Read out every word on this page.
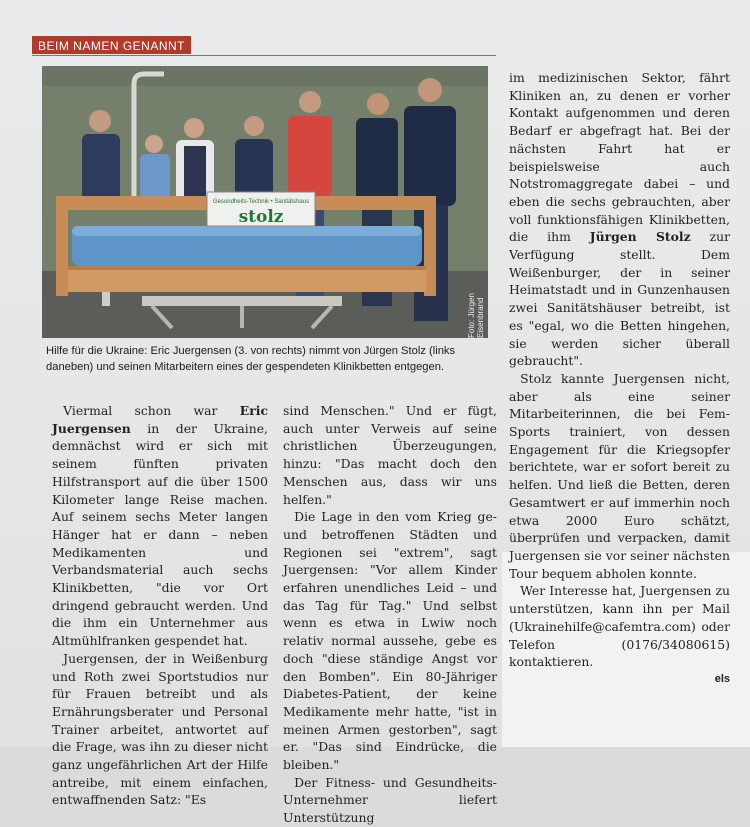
BEIM NAMEN GENANNT
Gesundheits-Technik • Sanitätshaus
stolz
Foto: Jürgen Eisenbrand
Hilfe für die Ukraine: Eric Juergensen (3. von rechts) nimmt von Jürgen Stolz (links daneben) und seinen Mitarbeitern eines der gespendeten Klinikbetten entgegen.

Viermal schon war Eric Juergensen in der Ukraine, demnächst wird er sich mit seinem fünften privaten Hilfstransport auf die über 1500 Kilometer lange Reise machen. Auf seinem sechs Meter langen Hänger hat er dann – neben Medikamenten und Verbandsmaterial auch sechs Klinikbetten, "die vor Ort dringend gebraucht werden. Und die ihm ein Unternehmer aus Altmühlfranken gespendet hat.

Juergensen, der in Weißenburg und Roth zwei Sportstudios nur für Frauen betreibt und als Ernährungsberater und Personal Trainer arbeitet, antwortet auf die Frage, was ihn zu dieser nicht ganz ungefährlichen Art der Hilfe antreibe, mit einem einfachen, entwaffnenden Satz: "Es

sind Menschen." Und er fügt, auch unter Verweis auf seine christlichen Überzeugungen, hinzu: "Das macht doch den Menschen aus, dass wir uns helfen."

Die Lage in den vom Krieg ge- und betroffenen Städten und Regionen sei "extrem", sagt Juergensen: "Vor allem Kinder erfahren unendliches Leid – und das Tag für Tag." Und selbst wenn es etwa in Lwiw noch relativ normal aussehe, gebe es doch "diese ständige Angst vor den Bomben". Ein 80-Jähriger Diabetes-Patient, der keine Medikamente mehr hatte, "ist in meinen Armen gestorben", sagt er. "Das sind Eindrücke, die bleiben."

Der Fitness- und Gesundheits-Unternehmer liefert Unterstützung

im medizinischen Sektor, fährt Kliniken an, zu denen er vorher Kontakt aufgenommen und deren Bedarf er abgefragt hat. Bei der nächsten Fahrt hat er beispielsweise auch Notstromaggregate dabei – und eben die sechs gebrauchten, aber voll funktionsfähigen Klinikbetten, die ihm Jürgen Stolz zur Verfügung stellt. Dem Weißenburger, der in seiner Heimatstadt und in Gunzenhausen zwei Sanitätshäuser betreibt, ist es "egal, wo die Betten hingehen, sie werden sicher überall gebraucht".

Stolz kannte Juergensen nicht, aber als eine seiner Mitarbeiterinnen, die bei Fem-Sports trainiert, von dessen Engagement für die Kriegsopfer berichtete, war er sofort bereit zu helfen. Und ließ die Betten, deren Gesamtwert er auf immerhin noch etwa 2000 Euro schätzt, überprüfen und verpacken, damit Juergensen sie vor seiner nächsten Tour bequem abholen konnte.

Wer Interesse hat, Juergensen zu unterstützen, kann ihn per Mail (Ukrainehilfe@cafemtra.com) oder Telefon (0176/34080615) kontaktieren.

els
